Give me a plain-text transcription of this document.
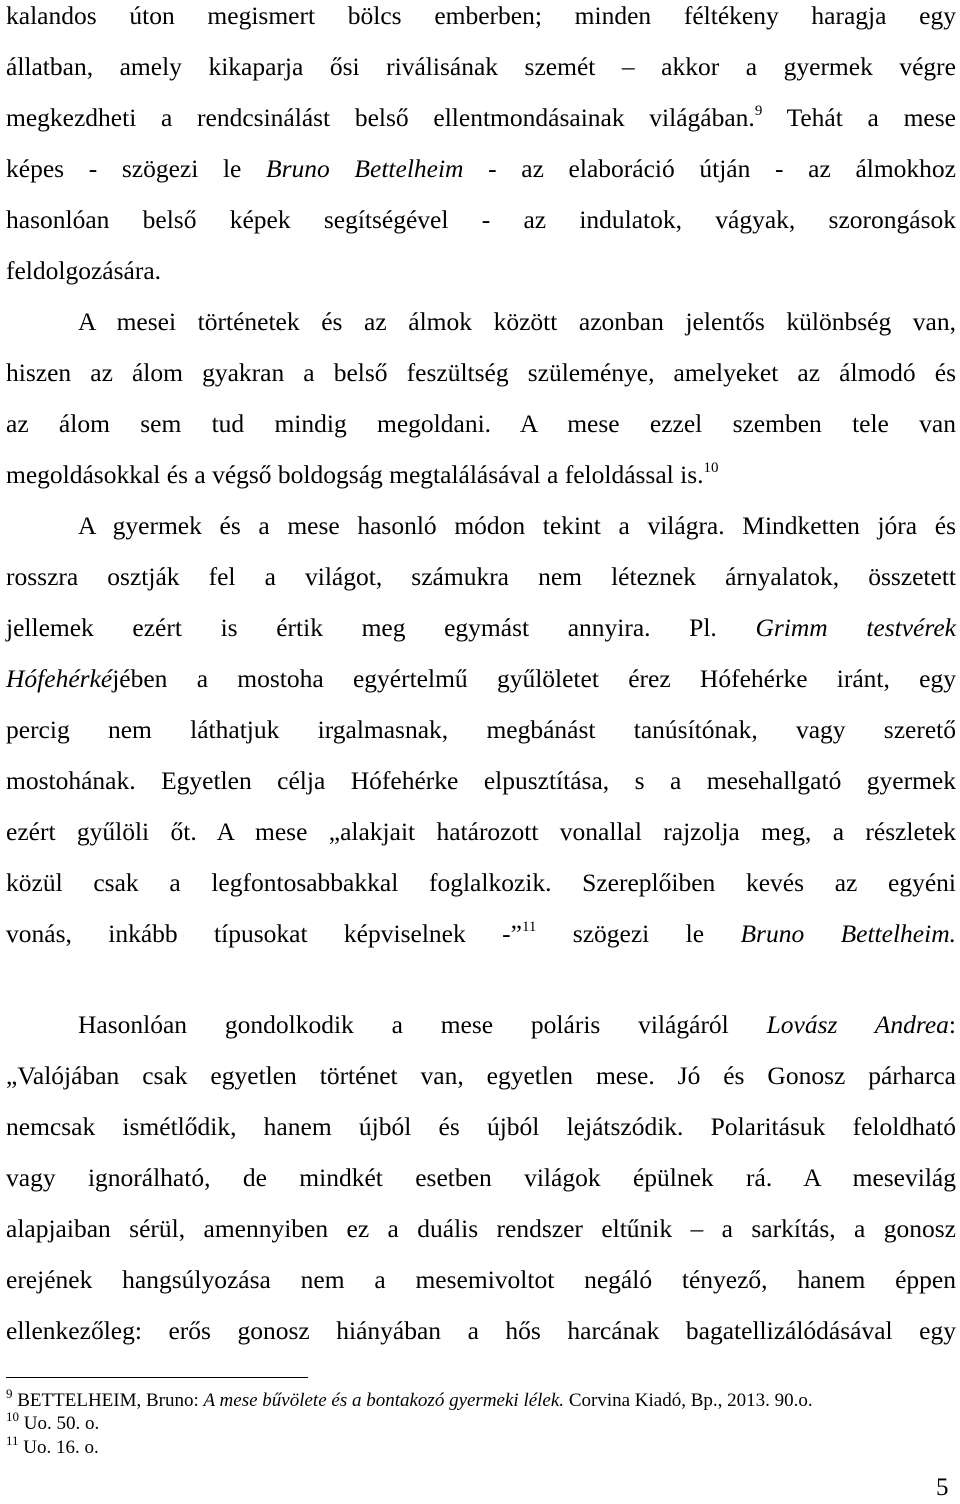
kalandos úton megismert bölcs emberben; minden féltékeny haragja egy
állatban, amely kikaparja ősi riválisának szemét – akkor a gyermek végre
megkezdheti a rendcsinálást belső ellentmondásainak világában.$^9$ Tehát a mese
képes - szögezi le Bruno Bettelheim - az elaboráció útján - az álmokhoz
hasonlóan belső képek segítségével - az indulatok, vágyak, szorongások
feldolgozására.
A mesei történetek és az álmok között azonban jelentős különbség van,
hiszen az álom gyakran a belső feszültség szüleménye, amelyeket az álmodó és
az álom sem tud mindig megoldani. A mese ezzel szemben tele van
megoldásokkal és a végső boldogság megtalálásával a feloldással is.$^{10}$
A gyermek és a mese hasonló módon tekint a világra. Mindketten jóra és
rosszra osztják fel a világot, számukra nem léteznek árnyalatok, összetett
jellemek ezért is értik meg egymást annyira. Pl. Grimm testvérek
Hófehérkéjében a mostoha egyértelmű gyűlöletet érez Hófehérke iránt, egy
percig nem láthatjuk irgalmasnak, megbánást tanúsítónak, vagy szerető
mostohának. Egyetlen célja Hófehérke elpusztítása, s a mesehallgató gyermek
ezért gyűlöli őt. A mese „alakjait határozott vonallal rajzolja meg, a részletek
közül csak a legfontosabbakkal foglalkozik. Szereplőiben kevés az egyéni
vonás, inkább típusokat képviselnek -”$^{11}$ szögezi le Bruno Bettelheim.
Hasonlóan gondolkodik a mese poláris világáról Lovász Andrea:
„Valójában csak egyetlen történet van, egyetlen mese. Jó és Gonosz párharca
nemcsak ismétlődik, hanem újból és újból lejátszódik. Polaritásuk feloldható
vagy ignorálható, de mindkét esetben világok épülnek rá. A mesevilág
alapjaiban sérül, amennyiben ez a duális rendszer eltűnik – a sarkítás, a gonosz
erejének hangsúlyozása nem a mesemivoltot negáló tényező, hanem éppen
ellenkezőleg: erős gonosz hiányában a hős harcának bagatellizálódásával egy
$^9$ BETTELHEIM, Bruno: A mese bűvölete és a bontakozó gyermeki lélek. Corvina Kiadó, Bp., 2013. 90.o.
$^{10}$ Uo. 50. o.
$^{11}$ Uo. 16. o.
5
